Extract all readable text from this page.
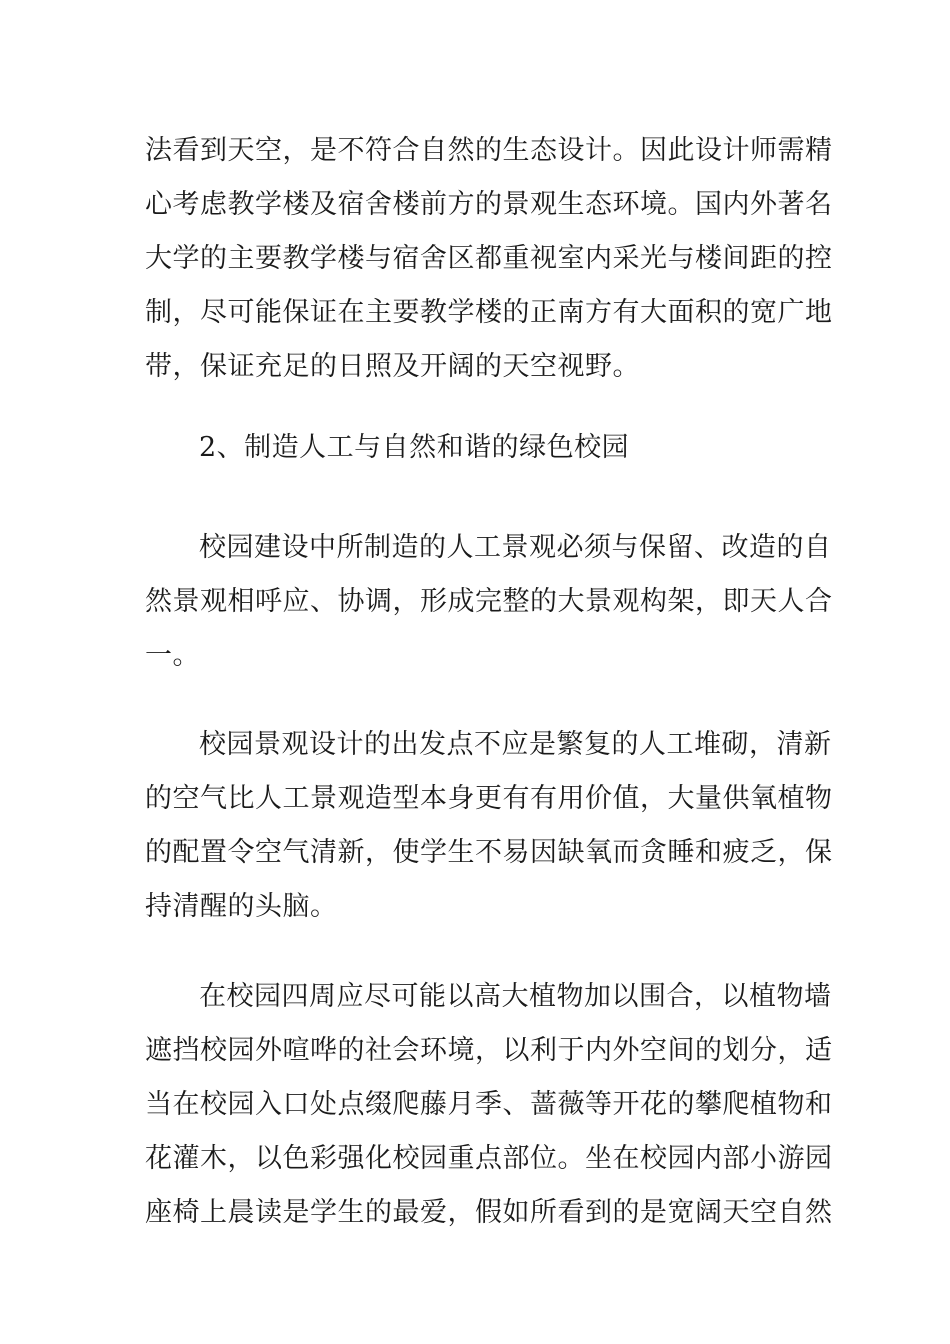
法看到天空，是不符合自然的生态设计。因此设计师需精
心考虑教学楼及宿舍楼前方的景观生态环境。国内外著名
大学的主要教学楼与宿舍区都重视室内采光与楼间距的控
制，尽可能保证在主要教学楼的正南方有大面积的宽广地
带，保证充足的日照及开阔的天空视野。
2、制造人工与自然和谐的绿色校园
校园建设中所制造的人工景观必须与保留、改造的自
然景观相呼应、协调，形成完整的大景观构架，即天人合
一。
校园景观设计的出发点不应是繁复的人工堆砌，清新
的空气比人工景观造型本身更有有用价值，大量供氧植物
的配置令空气清新，使学生不易因缺氧而贪睡和疲乏，保
持清醒的头脑。
在校园四周应尽可能以高大植物加以围合，以植物墙
遮挡校园外喧哗的社会环境，以利于内外空间的划分，适
当在校园入口处点缀爬藤月季、蔷薇等开花的攀爬植物和
花灌木，以色彩强化校园重点部位。坐在校园内部小游园
座椅上晨读是学生的最爱，假如所看到的是宽阔天空自然
